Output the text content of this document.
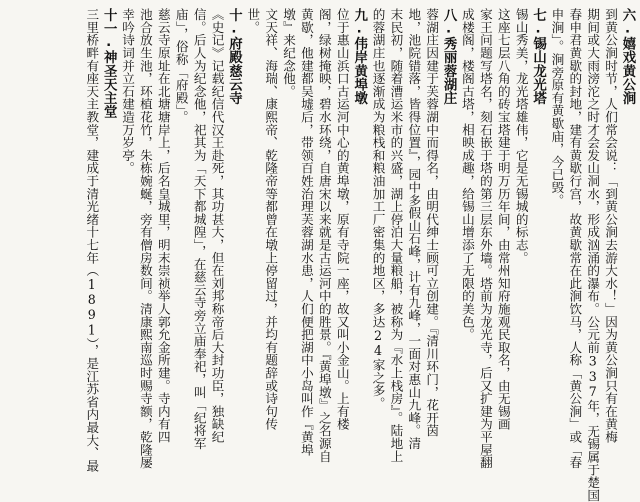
六.嬉戏黄公涧
到黄公涧时节，人们常会说：「到黄公涧去游大水！」因为黄公涧只有在黄梅
期间或大雨滂沱之时才会发山洞水，形成汹涌的瀑布。公元前337年，无锡属于楚国
春申君黄歇的封地，建有黄歇行宫，故黄歇常在此涧饮马，人称「黄公涧」或「春
申涧」。涧旁原有黄歇庙，今已毁。
七.锡山龙光塔
锡山秀美，龙光塔雄伟，它是无锡城的标志。
这座七层八角的砖宝塔建于明万历年间，由常州知府施观民取名，由无锡画
家王问题写塔名，刻石嵌于塔的第三层东外墙。塔前为龙光寺，后又扩建为平屋翻
成楼阁，楼阁古塔，相映成趣，给锡山增添了无限的美色。
八.秀丽蓉湖庄
蓉湖庄因建于芙蓉湖中而得名，由明代绅士顾可立创建。『清川环门，花开茵
地，池院错落，皆得位置』，园中多假山石峰，计有九峰，一面对惠山九峰。清
末民初，随着漕运米市的兴盛，湖上停泊大量粮船，被称为『水上栈房』。陆地上
的蓉湖庄也逐渐成为粮栈和粮油加工厂密集的地区，多达24家之多。
九.伟岸黄埠墩
位于惠山浜口古运河中心的黄埠墩，原有寺院一座，故又叫小金山。上有楼
阁，绿树掩映，碧水环绕，自唐宋以来就是古运河中的胜景。『黄埠墩』之名源自
黄歇，他建都吴墟后，带领百姓治理芙蓉湖水患，人们便把湖中小岛叫作『黄埠
墩』来纪念他。
文天祥、海瑞、康熙帝、乾隆帝等都曾在墩上停留过，并均有题辞或诗句传
世。
十.府殿慈云寺
《史记》记载纪信代汉王赴死，其功甚大，但在刘邦称帝后大封功臣，独缺纪
信。后人为纪念他，祀其为「天下都城隍」，在慈云寺旁立庙奉祀，叫「纪将军
庙」，俗称「府殿」。
慈云寺原址在北塘塘岸上，后名皇城里，明末崇祯举人郭允金所建。寺内有四
池合放生池，环植花竹，朱栋婉蜒，旁有僧房数间。清康熙南巡时赐寺额，乾隆屡
幸吟诗词并立石建造万岁亭。
十一.神圣天主堂
三里桥畔有座天主教堂，建成于清光绪十七年（1891），是江苏省内最大、最
